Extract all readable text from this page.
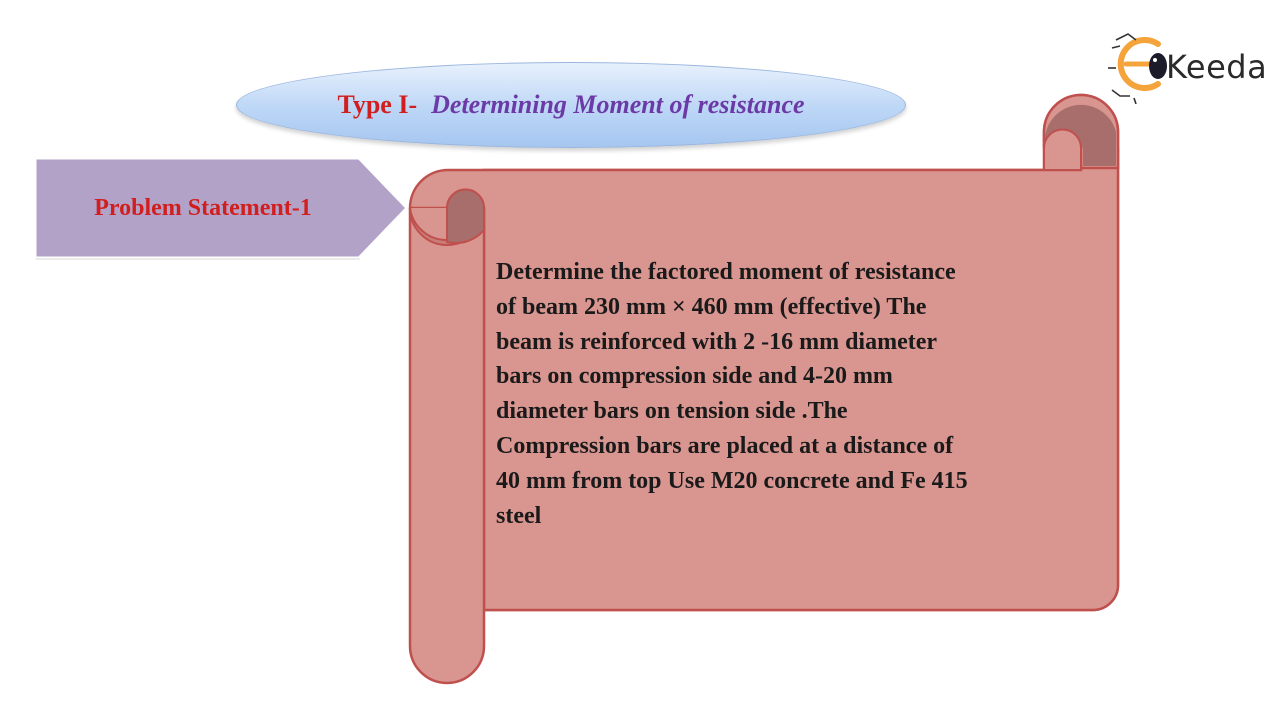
Type I- Determining Moment of resistance
Problem Statement-1
Determine the factored moment of resistance
of beam 230 mm × 460 mm (effective) The
beam is reinforced with 2 -16 mm diameter
bars on compression side and 4-20 mm
diameter bars on tension side .The
Compression bars are placed at a distance of
40 mm from top Use M20 concrete and Fe 415
steel
Keeda
